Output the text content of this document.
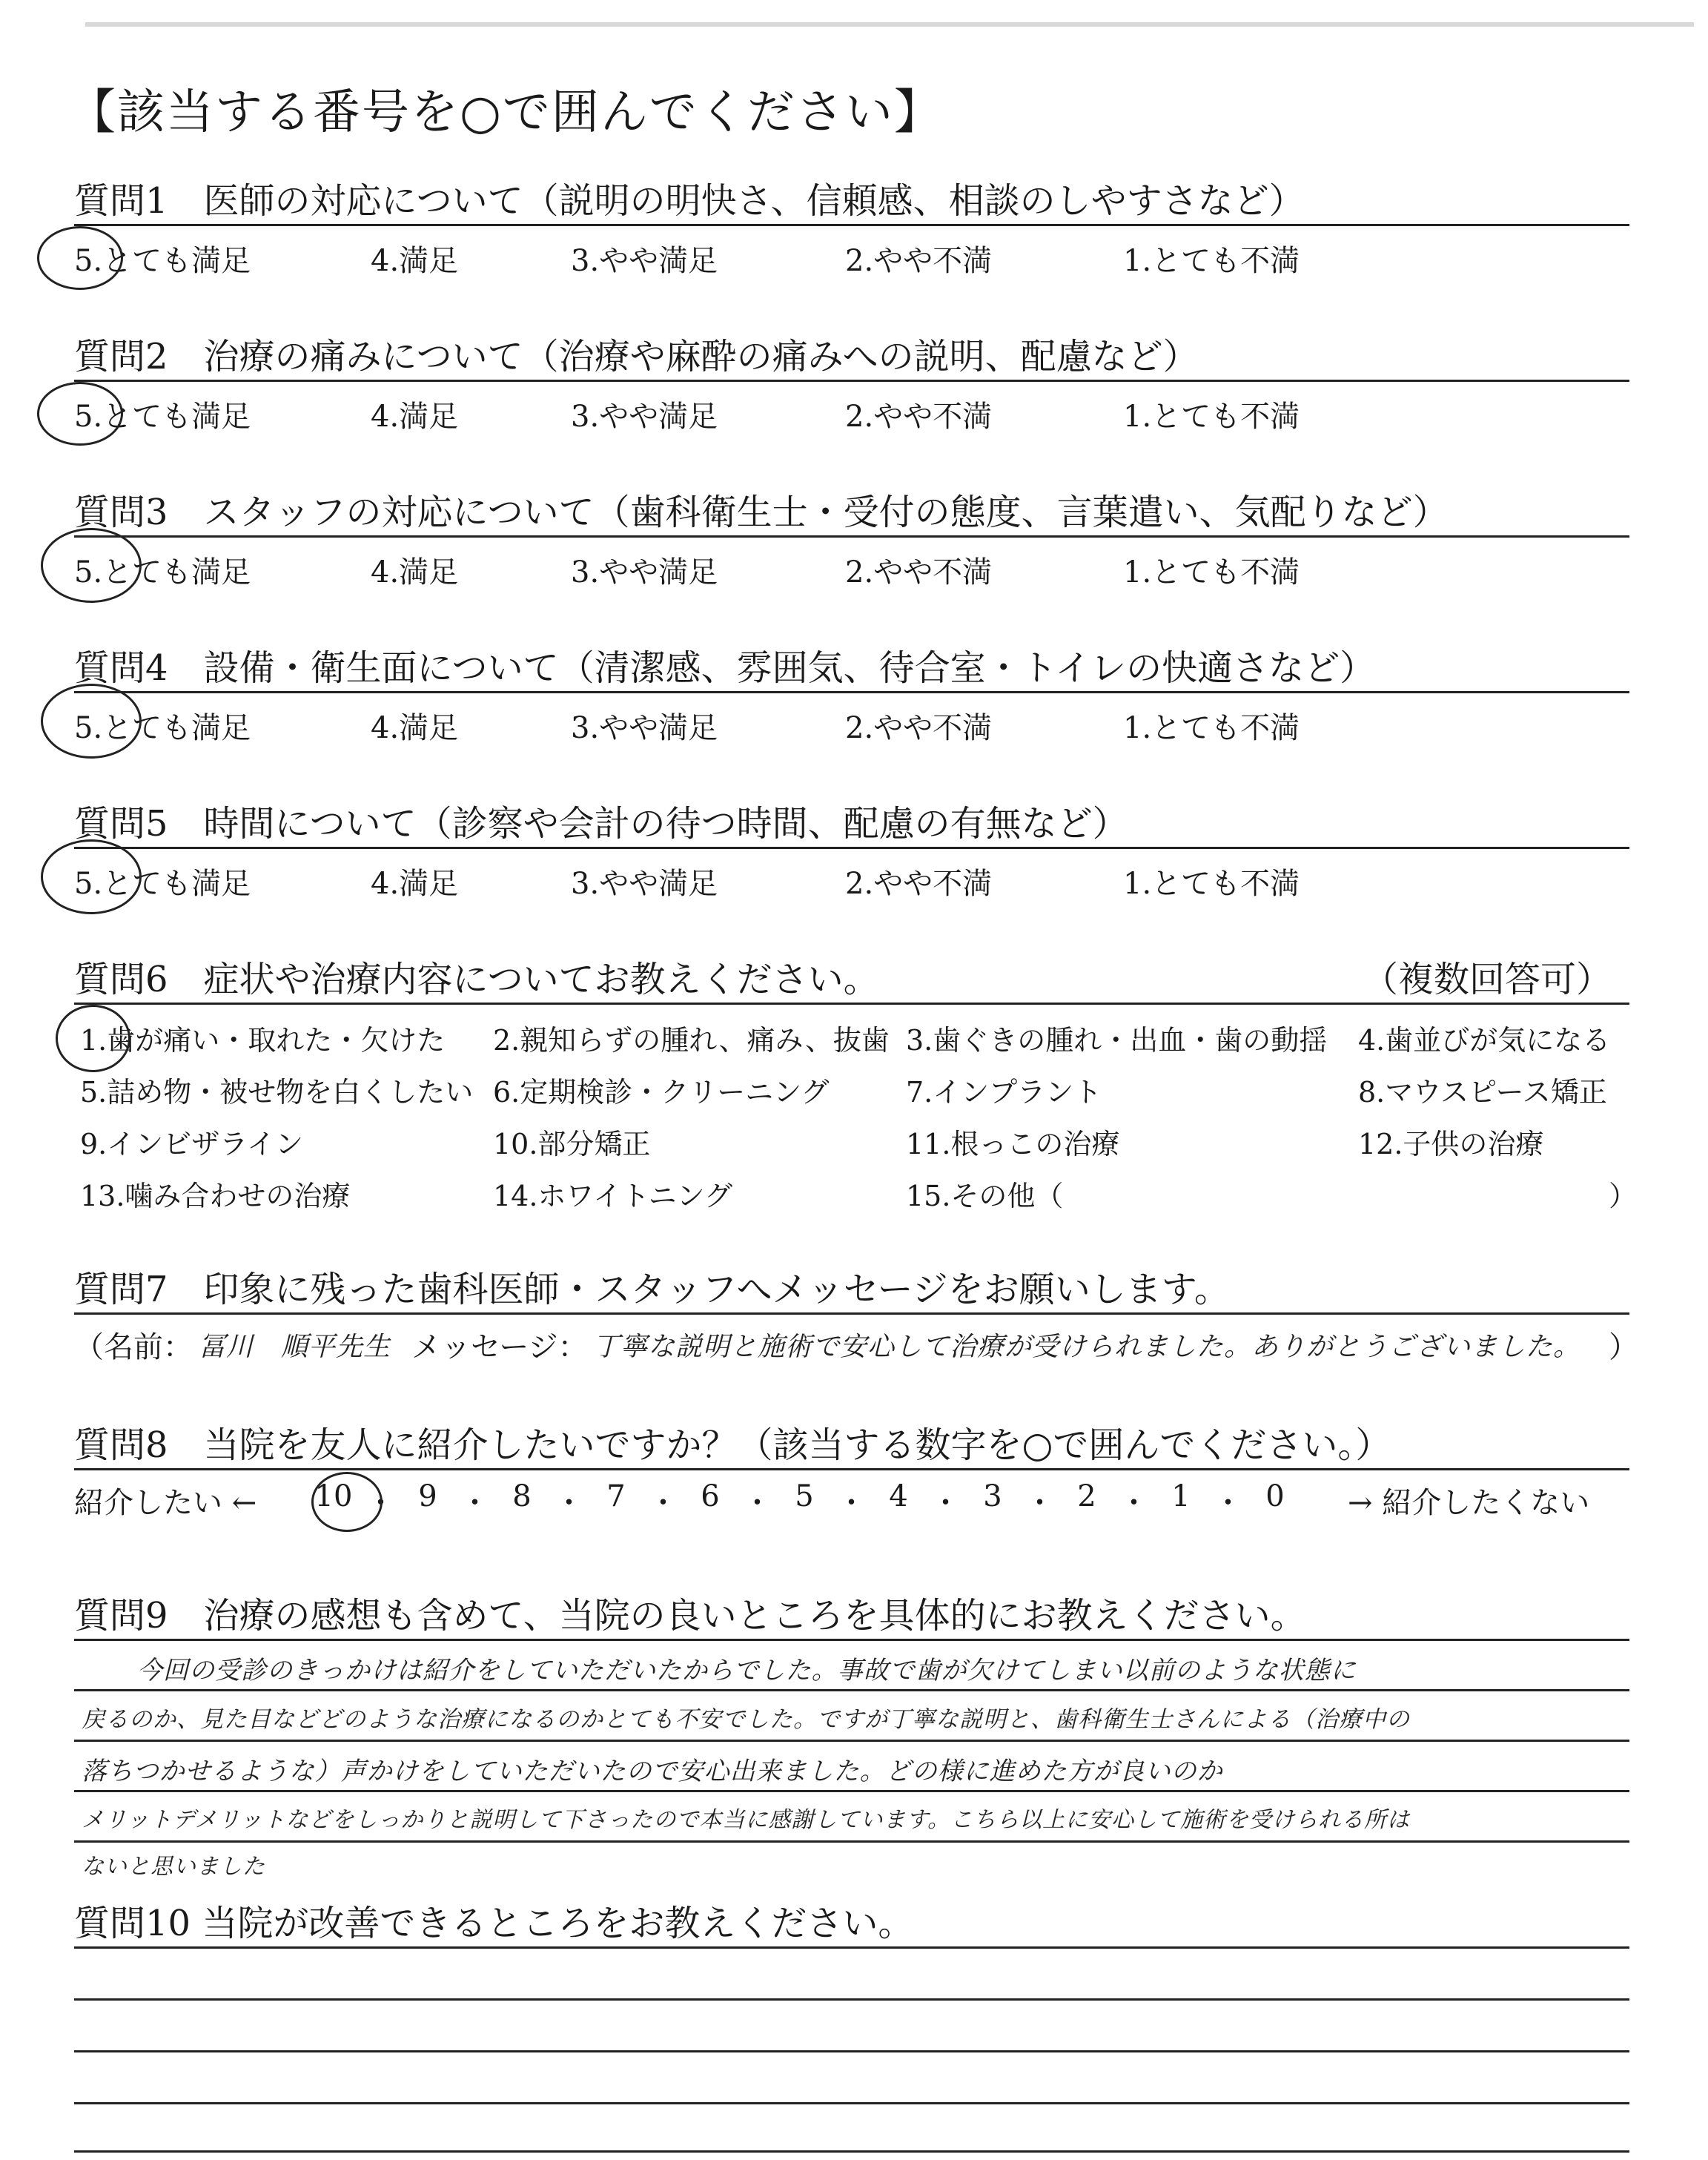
【該当する番号を○で囲んでください】
質問1　医師の対応について（説明の明快さ、信頼感、相談のしやすさなど）
5.とても満足	4.満足	3.やや満足	2.やや不満	1.とても不満
質問2　治療の痛みについて（治療や麻酔の痛みへの説明、配慮など）
5.とても満足	4.満足	3.やや満足	2.やや不満	1.とても不満
質問3　スタッフの対応について（歯科衛生士・受付の態度、言葉遣い、気配りなど）
5.とても満足	4.満足	3.やや満足	2.やや不満	1.とても不満
質問4　設備・衛生面について（清潔感、雰囲気、待合室・トイレの快適さなど）
5.とても満足	4.満足	3.やや満足	2.やや不満	1.とても不満
質問5　時間について（診察や会計の待つ時間、配慮の有無など）
5.とても満足	4.満足	3.やや満足	2.やや不満	1.とても不満
質問6　症状や治療内容についてお教えください。	（複数回答可）
1.歯が痛い・取れた・欠けた 2.親知らずの腫れ、痛み、抜歯 3.歯ぐきの腫れ・出血・歯の動揺 4.歯並びが気になる
5.詰め物・被せ物を白くしたい 6.定期検診・クリーニング	7.インプラント	8.マウスピース矯正
9.インビザライン	10.部分矯正	11.根っこの治療	12.子供の治療
13.噛み合わせの治療	14.ホワイトニング	15.その他（	）
質問7　印象に残った歯科医師・スタッフへメッセージをお願いします。
（名前： 冨川　順平先生 メッセージ： 丁寧な説明と施術で安心して治療が受けられました。ありがとうございました。 ）
質問8　当院を友人に紹介したいですか？（該当する数字を○で囲んでください。）
紹介したい ← 10 ・ 9 ・ 8 ・ 7 ・ 6 ・ 5 ・ 4 ・ 3 ・ 2 ・ 1 ・ 0	→ 紹介したくない
質問9　治療の感想も含めて、当院の良いところを具体的にお教えください。
今回の受診のきっかけは紹介をしていただいたからでした。事故で歯が欠けてしまい以前のような状態に
戻るのか、見た目などどのような治療になるのかとても不安でした。ですが丁寧な説明と、歯科衛生士さんによる（治療中の
落ちつかせるような）声かけをしていただいたので安心出来ました。どの様に進めた方が良いのか
メリットデメリットなどをしっかりと説明して下さったので本当に感謝しています。こちら以上に安心して施術を受けられる所は
ないと思いました
質問10 当院が改善できるところをお教えください。
